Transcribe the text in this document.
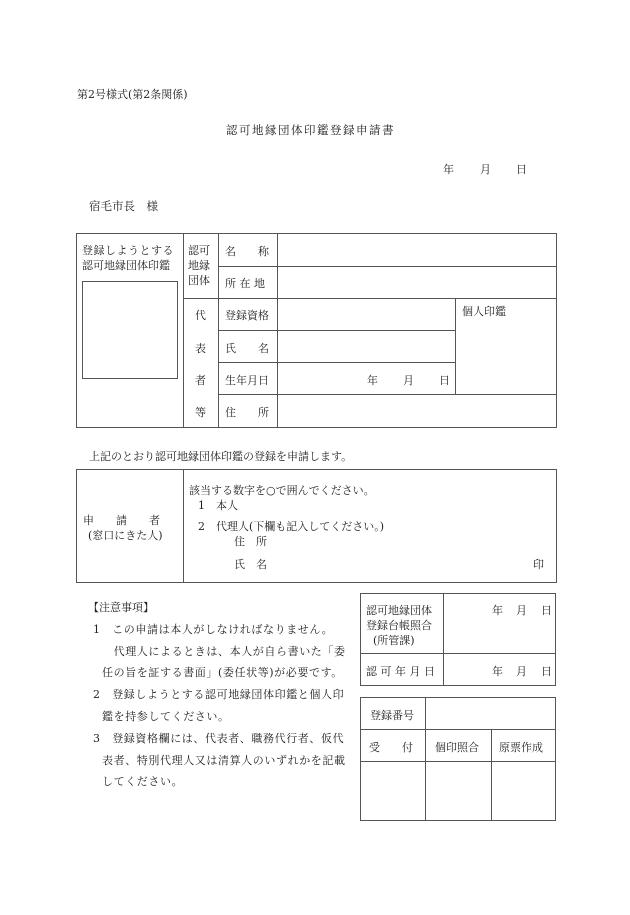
第2号様式(第2条関係)
認可地縁団体印鑑登録申請書
年 月 日
宿毛市長　様
登録しようとする
認可地縁団体印鑑
認可
地縁
団体
名　　称
所 在 地
代
表
者
等
登録資格
氏　　名
生年月日
住　　所
年 月 日
個人印鑑
上記のとおり認可地縁団体印鑑の登録を申請します。
申　　請　　者
(窓口にきた人)
該当する数字を○で囲んでください。
1　本人
2　代理人(下欄も記入してください。)
住　所
氏　名	印
【注意事項】
1　この申請は本人がしなければなりません。
　代理人によるときは、本人が自ら書いた「委
任の旨を証する書面」(委任状等)が必要です。
2　登録しようとする認可地縁団体印鑑と個人印
鑑を持参してください。
3　登録資格欄には、代表者、職務代行者、仮代
表者、特別代理人又は清算人のいずれかを記載
してください。
認可地縁団体
登録台帳照合
(所管課)
年 月 日
認 可 年 月 日	年 月 日
登録番号
受　　付 個印照合 原票作成
